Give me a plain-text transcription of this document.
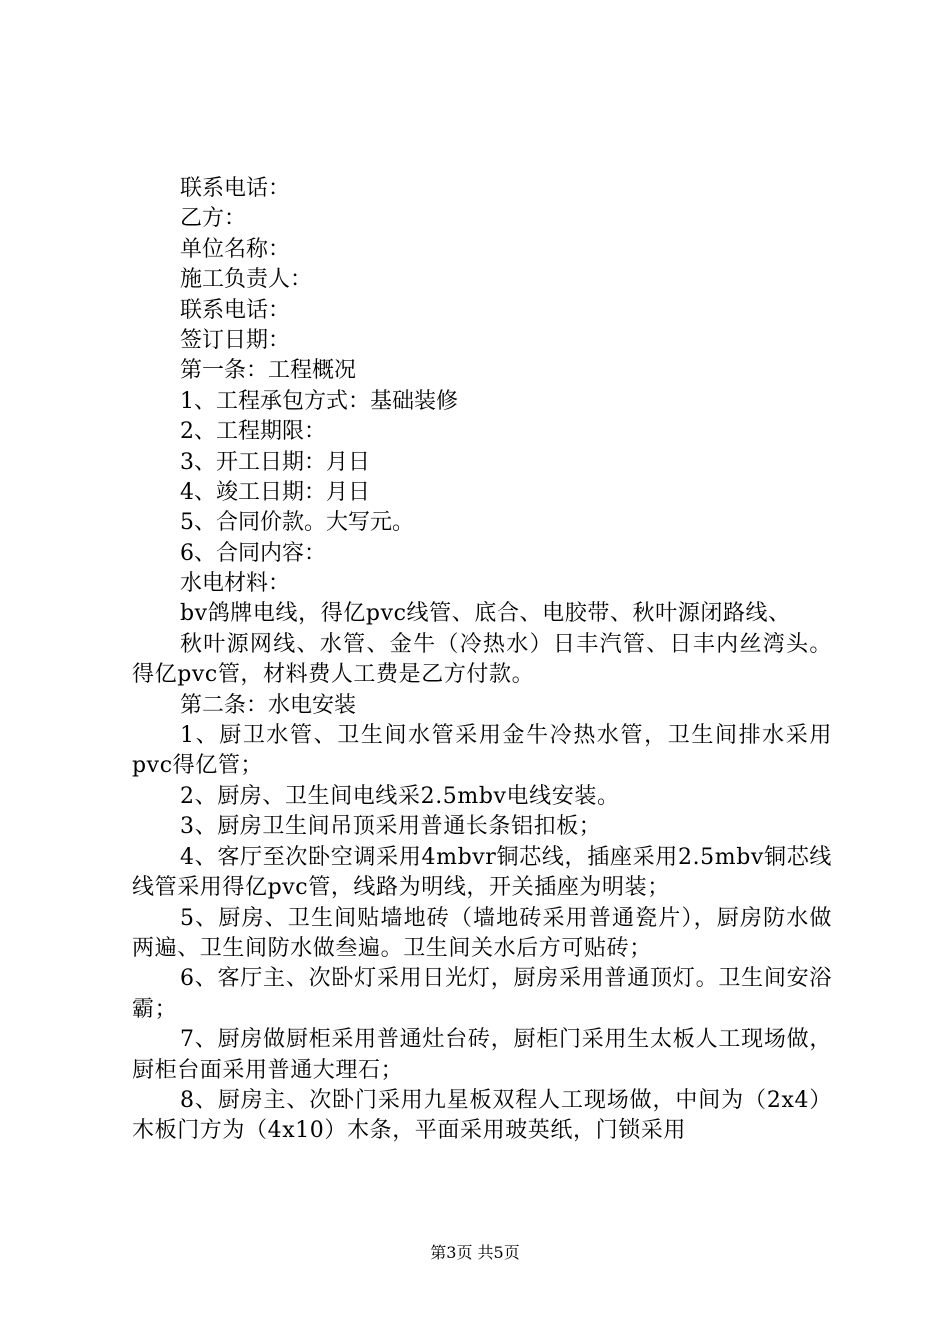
联系电话：
乙方：
单位名称：
施工负责人：
联系电话：
签订日期：
第一条：工程概况
1、工程承包方式：基础装修
2、工程期限：
3、开工日期：月日
4、竣工日期：月日
5、合同价款。大写元。
6、合同内容：
水电材料：
bv鸽牌电线，得亿pvc线管、底合、电胶带、秋叶源闭路线、
秋叶源网线、水管、金牛（冷热水）日丰汽管、日丰内丝湾头。得亿pvc管，材料费人工费是乙方付款。
第二条：水电安装
1、厨卫水管、卫生间水管采用金牛冷热水管，卫生间排水采用pvc得亿管；
2、厨房、卫生间电线采2.5mbv电线安装。
3、厨房卫生间吊顶采用普通长条铝扣板；
4、客厅至次卧空调采用4mbvr铜芯线，插座采用2.5mbv铜芯线线管采用得亿pvc管，线路为明线，开关插座为明装；
5、厨房、卫生间贴墙地砖（墙地砖采用普通瓷片），厨房防水做两遍、卫生间防水做叁遍。卫生间关水后方可贴砖；
6、客厅主、次卧灯采用日光灯，厨房采用普通顶灯。卫生间安浴霸；
7、厨房做厨柜采用普通灶台砖，厨柜门采用生太板人工现场做，厨柜台面采用普通大理石；
8、厨房主、次卧门采用九星板双程人工现场做，中间为（2x4）木板门方为（4x10）木条，平面采用玻英纸，门锁采用
第3页 共5页
